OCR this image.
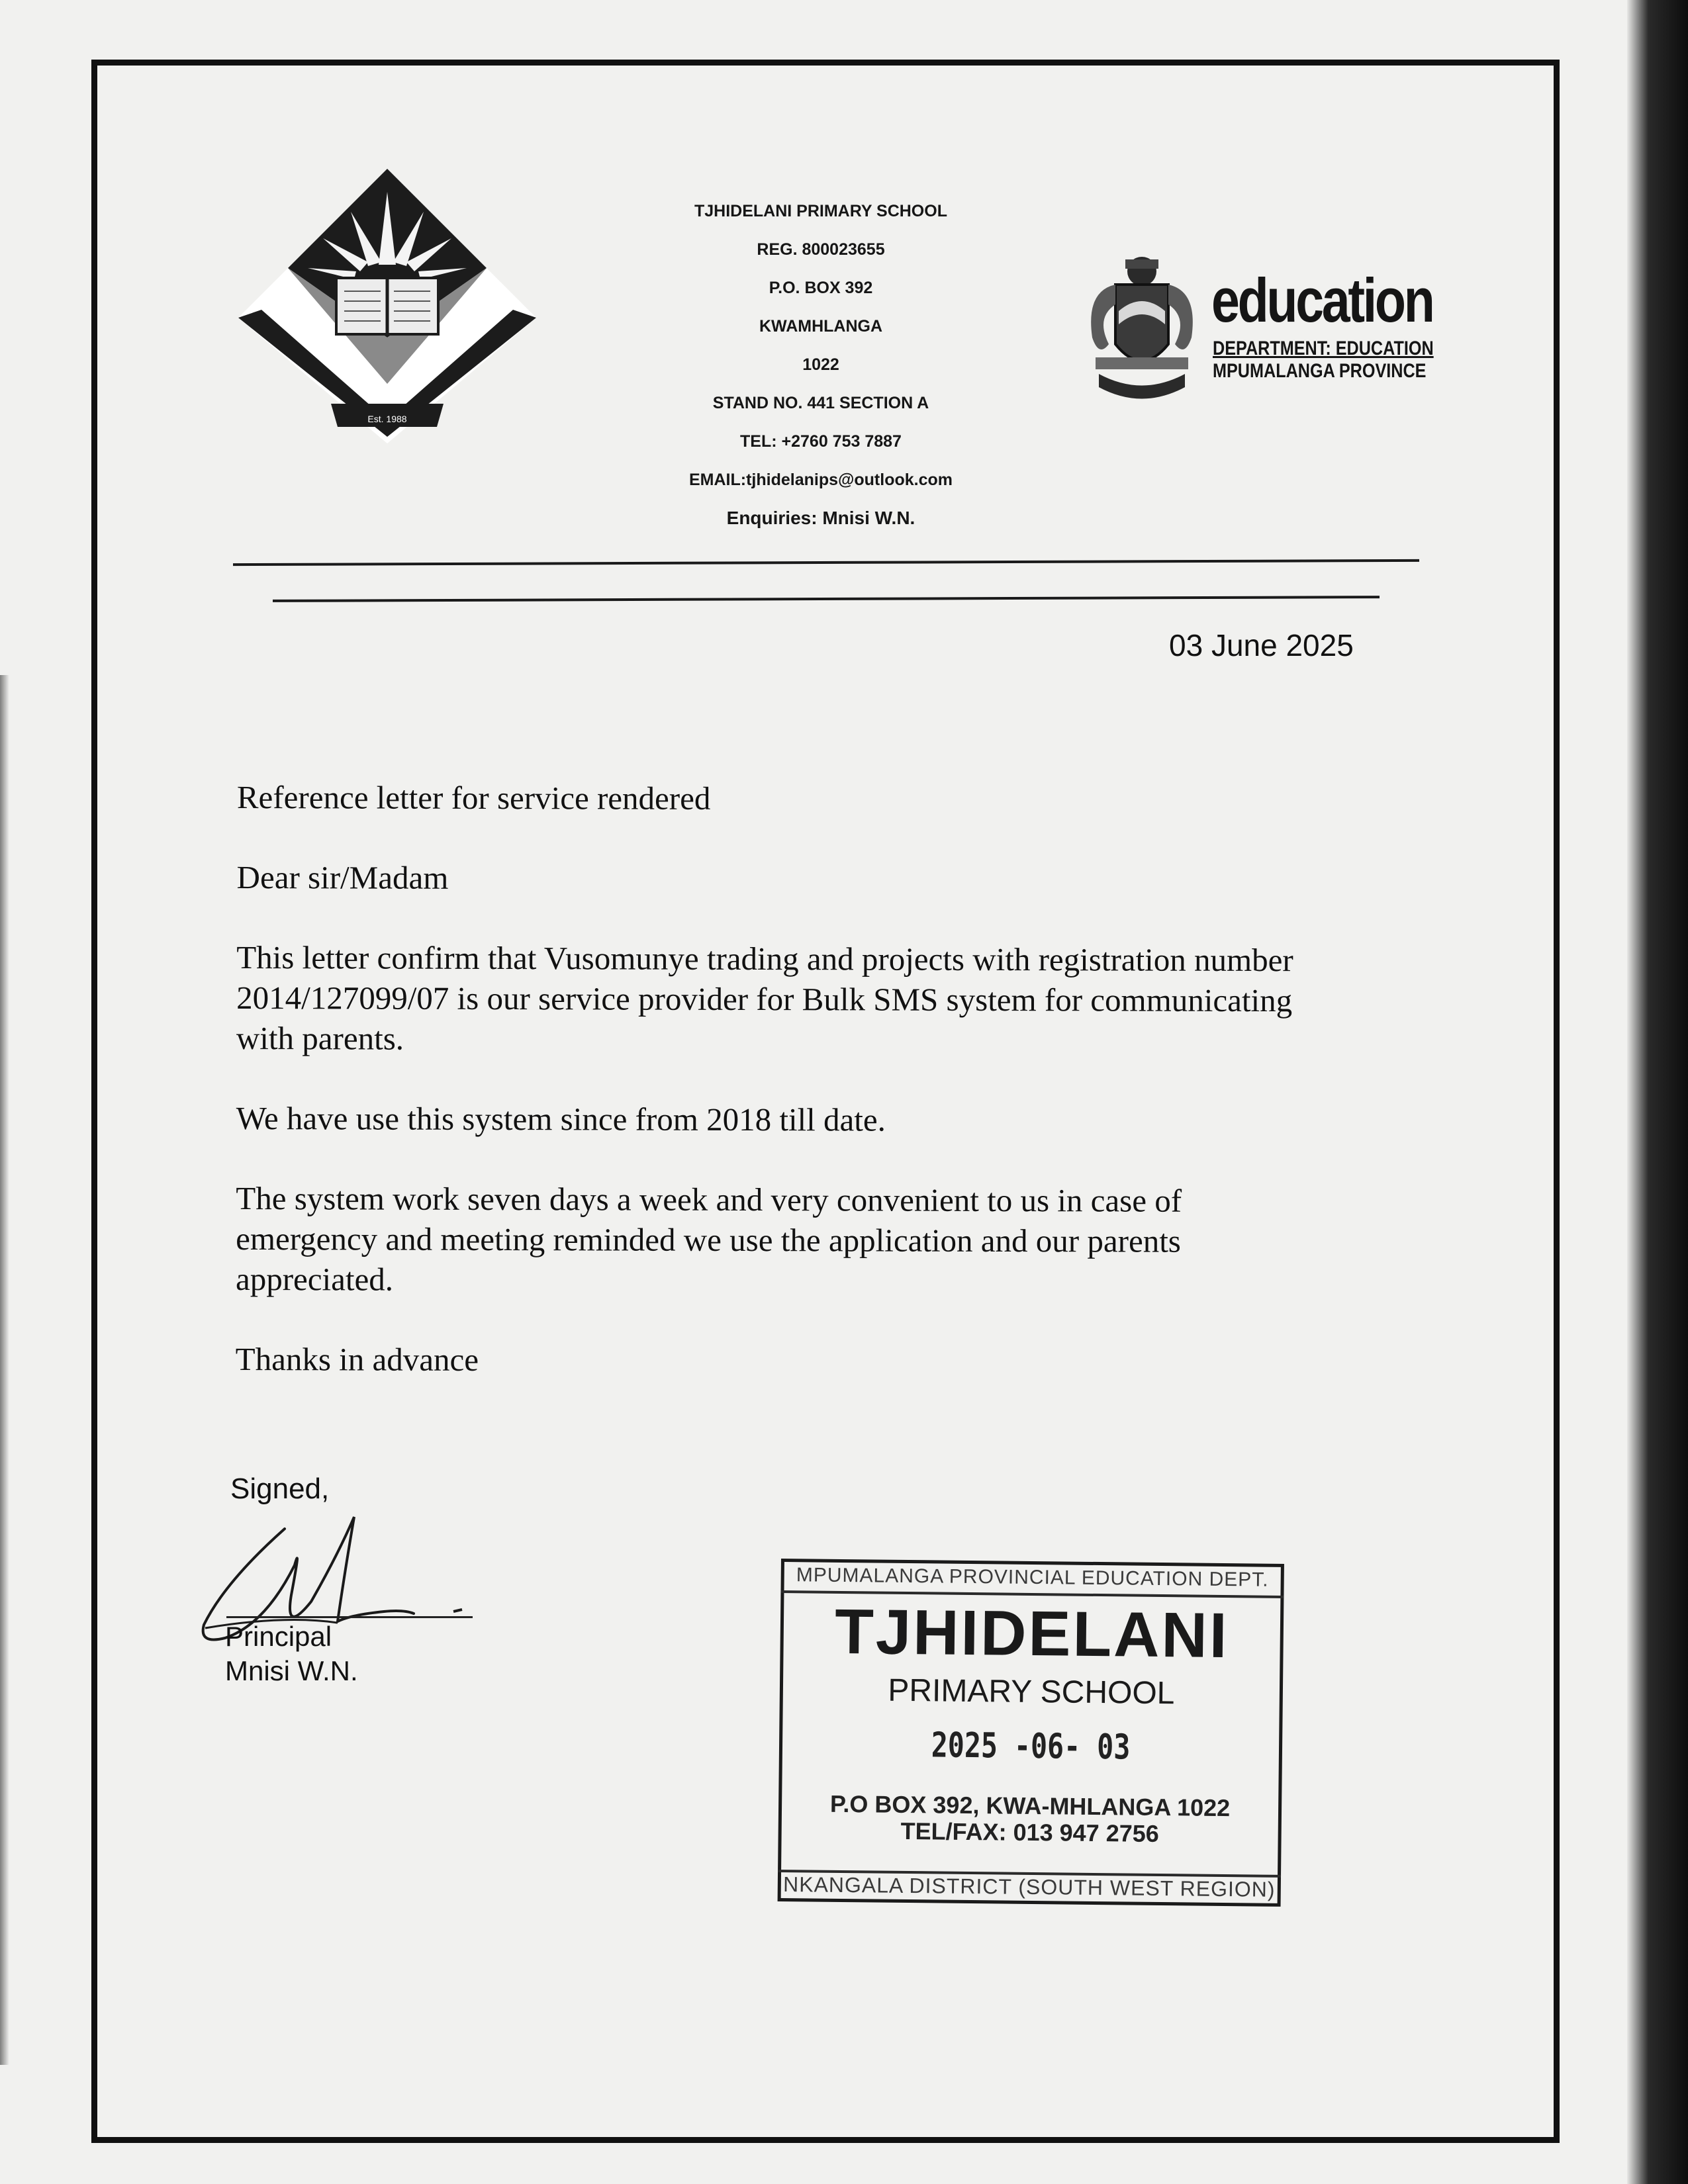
Est. 1988
TJHIDELANI PRIMARY SCHOOL
REG. 800023655
P.O. BOX 392
KWAMHLANGA
1022
STAND NO. 441 SECTION A
TEL: +2760 753 7887
EMAIL:tjhidelanips@outlook.com
Enquiries: Mnisi W.N.
education
DEPARTMENT: EDUCATION
MPUMALANGA PROVINCE
03 June 2025

Reference letter for service rendered

Dear sir/Madam

This letter confirm that Vusomunye trading and projects with registration number 2014/127099/07 is our service provider for Bulk SMS system for communicating with parents.

We have use this system since from 2018 till date.

The system work seven days a week and very convenient to us in case of emergency and meeting reminded we use the application and our parents appreciated.

Thanks in advance

Signed,
Principal
Mnisi W.N.
MPUMALANGA PROVINCIAL EDUCATION DEPT.
TJHIDELANI
PRIMARY SCHOOL
2025 -06- 03
P.O BOX 392, KWA-MHLANGA 1022
TEL/FAX: 013 947 2756
NKANGALA DISTRICT (SOUTH WEST REGION)
